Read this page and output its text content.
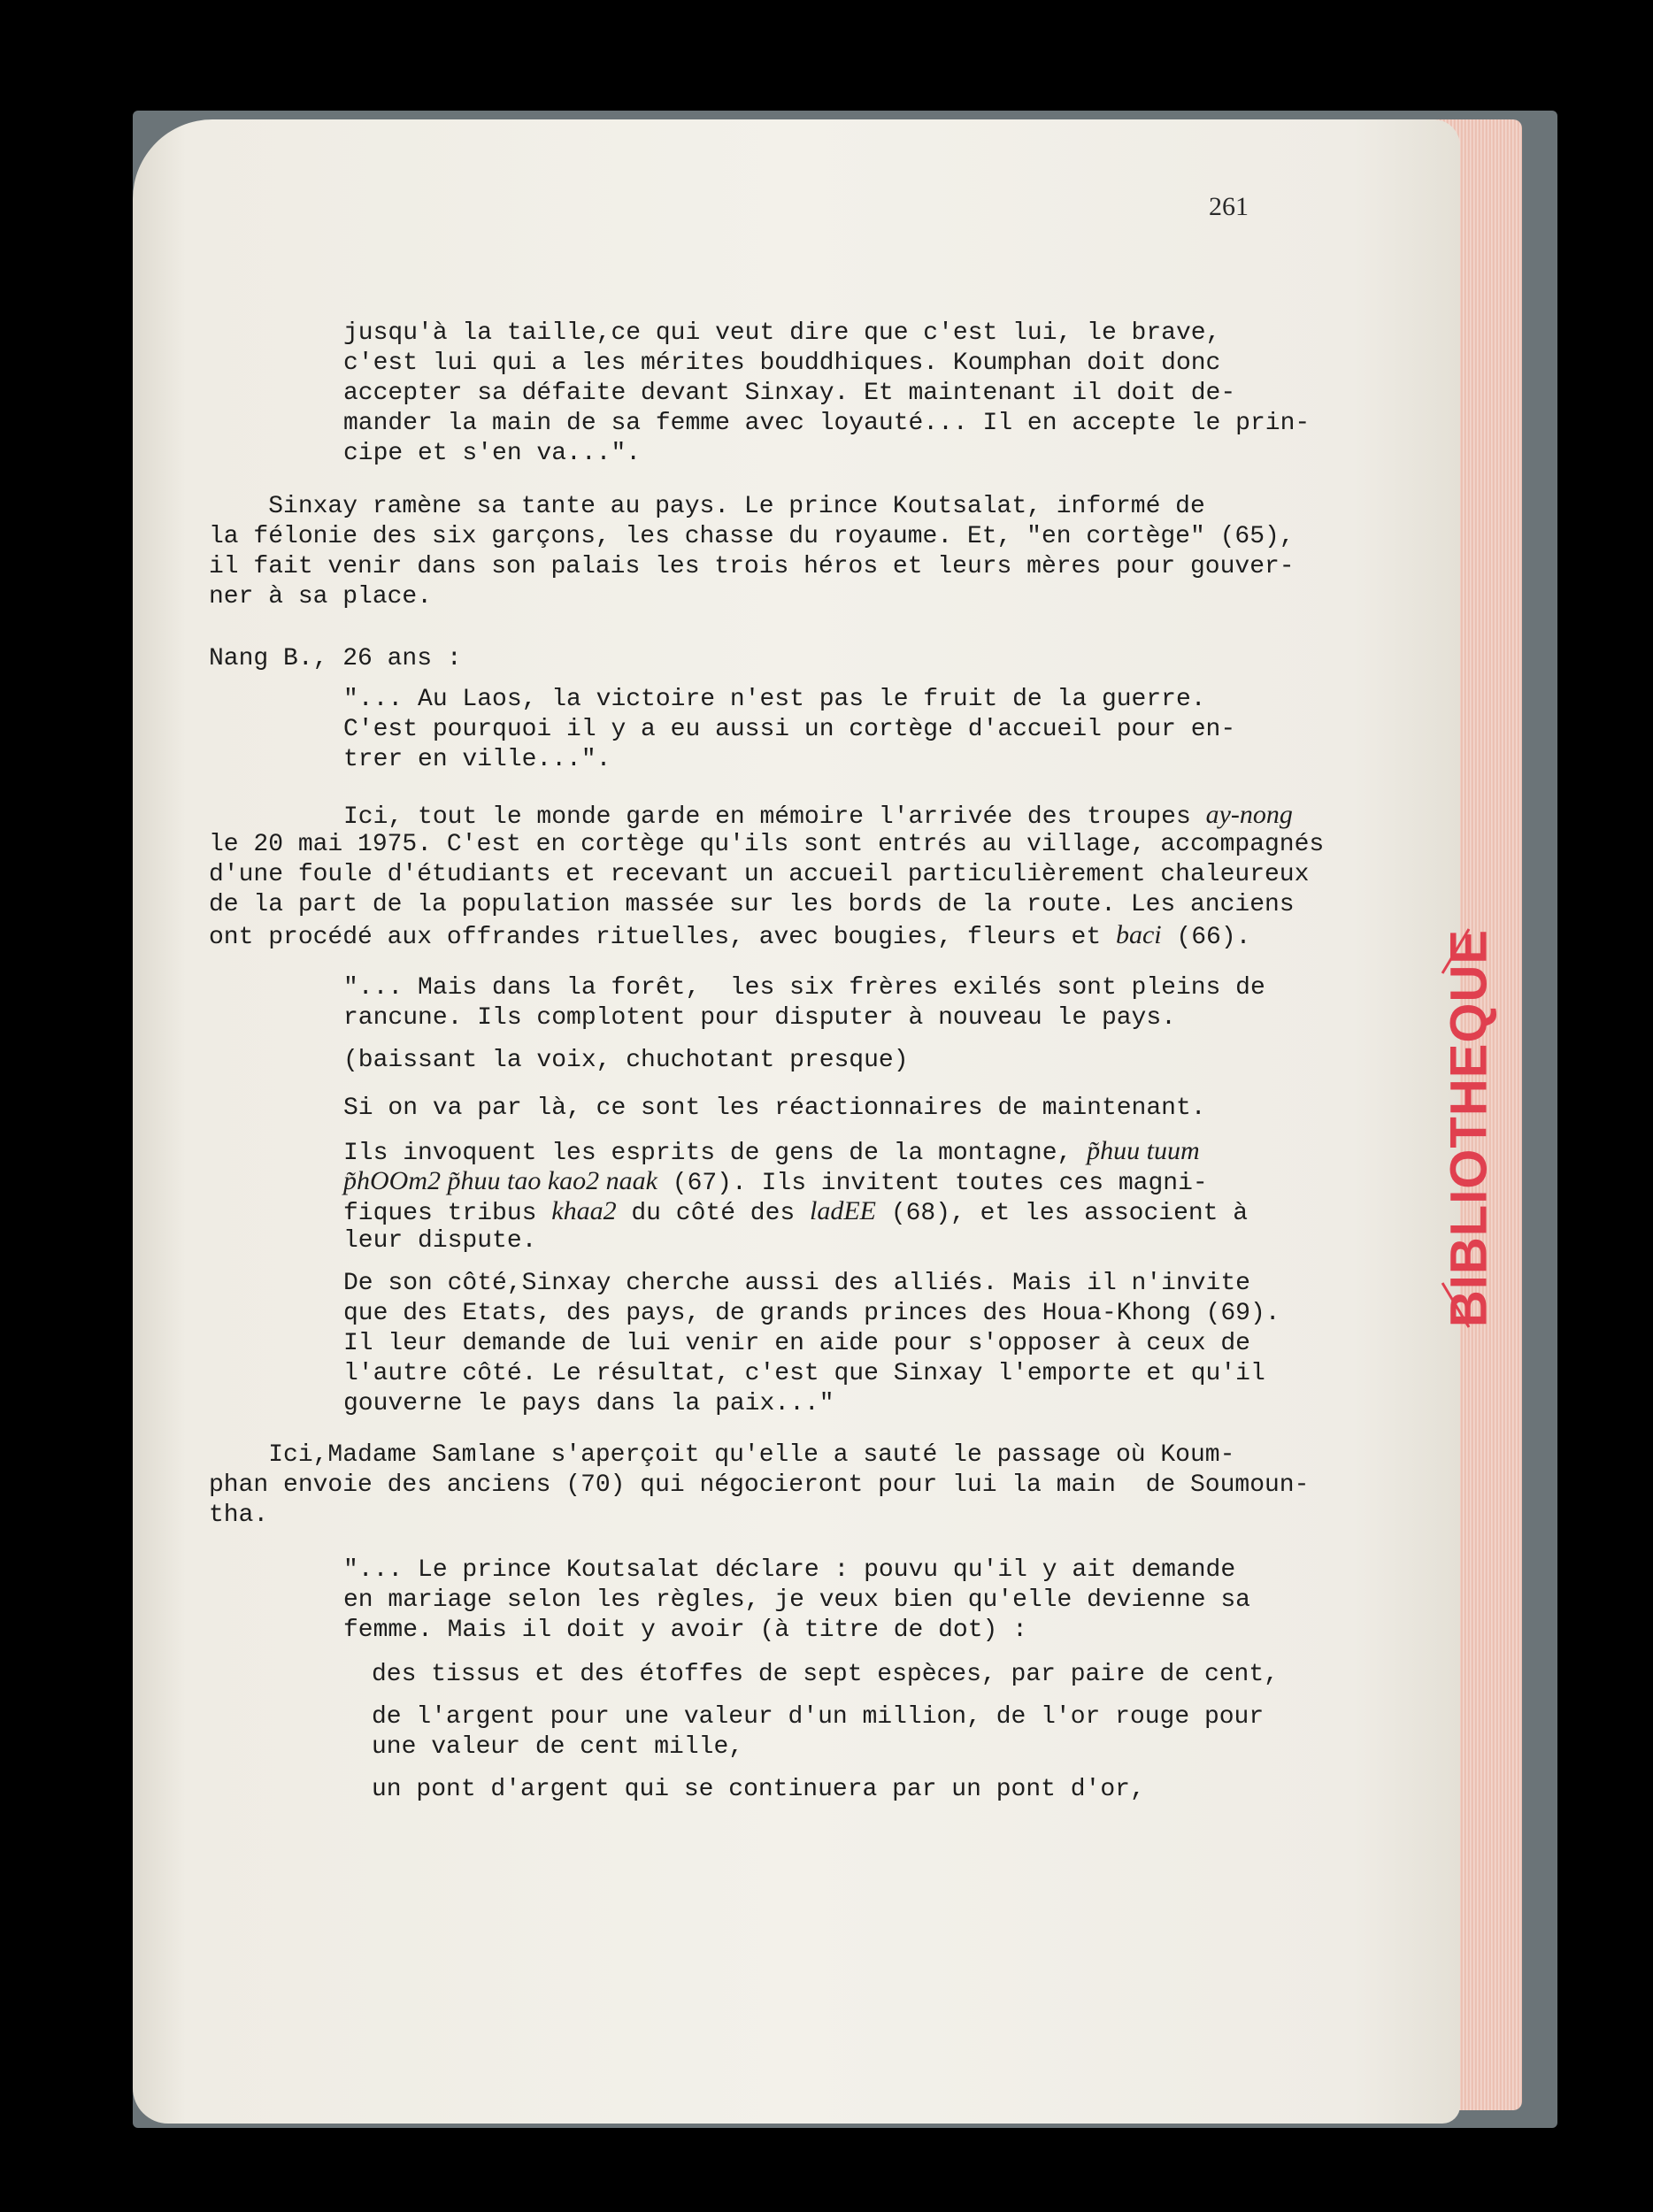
BIBLIOTHEQUE
261
jusqu'à la taille,ce qui veut dire que c'est lui, le brave,
c'est lui qui a les mérites bouddhiques. Koumphan doit donc
accepter sa défaite devant Sinxay. Et maintenant il doit de-
mander la main de sa femme avec loyauté... Il en accepte le prin-
cipe et s'en va...".
Sinxay ramène sa tante au pays. Le prince Koutsalat, informé de
la félonie des six garçons, les chasse du royaume. Et, "en cortège" (65),
il fait venir dans son palais les trois héros et leurs mères pour gouver-
ner à sa place.
Nang B., 26 ans :
"... Au Laos, la victoire n'est pas le fruit de la guerre.
C'est pourquoi il y a eu aussi un cortège d'accueil pour en-
trer en ville...".
Ici, tout le monde garde en mémoire l'arrivée des troupes ay-nong
le 20 mai 1975. C'est en cortège qu'ils sont entrés au village, accompagnés
d'une foule d'étudiants et recevant un accueil particulièrement chaleureux
de la part de la population massée sur les bords de la route. Les anciens
ont procédé aux offrandes rituelles, avec bougies, fleurs et baci (66).
"... Mais dans la forêt,  les six frères exilés sont pleins de
rancune. Ils complotent pour disputer à nouveau le pays.
(baissant la voix, chuchotant presque)
Si on va par là, ce sont les réactionnaires de maintenant.
Ils invoquent les esprits de gens de la montagne, p̃huu tuum
p̃hOOm2 p̃huu tao kao2 naak (67). Ils invitent toutes ces magni-
fiques tribus khaa2 du côté des ladEE (68), et les associent à
leur dispute.
De son côté,Sinxay cherche aussi des alliés. Mais il n'invite
que des Etats, des pays, de grands princes des Houa-Khong (69).
Il leur demande de lui venir en aide pour s'opposer à ceux de
l'autre côté. Le résultat, c'est que Sinxay l'emporte et qu'il
gouverne le pays dans la paix..."
Ici,Madame Samlane s'aperçoit qu'elle a sauté le passage où Koum-
phan envoie des anciens (70) qui négocieront pour lui la main  de Soumoun-
tha.
"... Le prince Koutsalat déclare : pouvu qu'il y ait demande
en mariage selon les règles, je veux bien qu'elle devienne sa
femme. Mais il doit y avoir (à titre de dot) :
des tissus et des étoffes de sept espèces, par paire de cent,
de l'argent pour une valeur d'un million, de l'or rouge pour
une valeur de cent mille,
un pont d'argent qui se continuera par un pont d'or,
